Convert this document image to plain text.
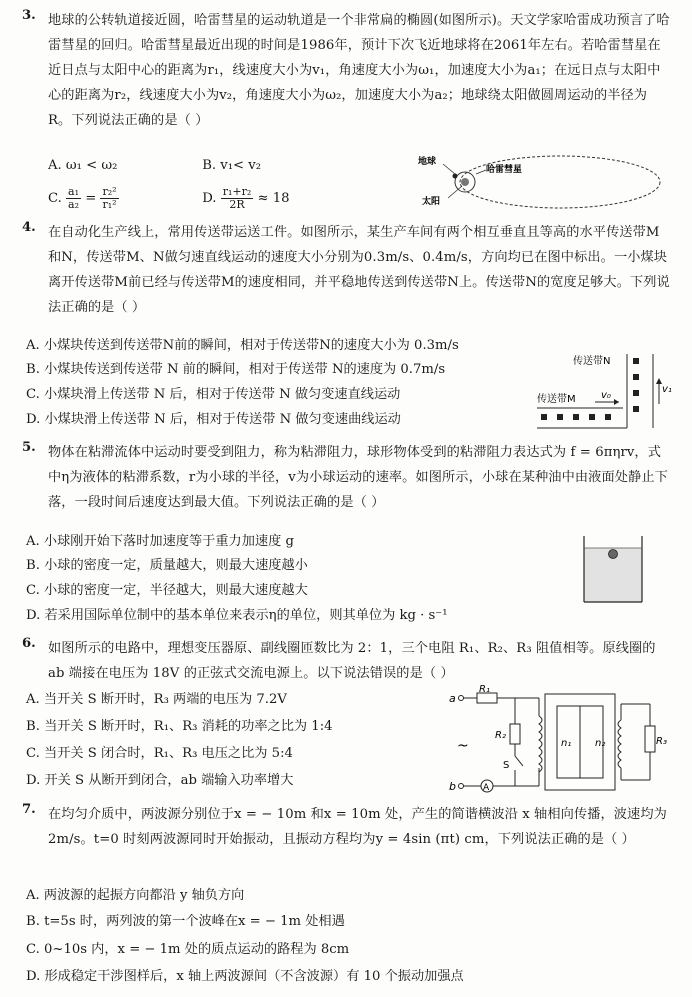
3. 地球的公转轨道接近圆，哈雷彗星的运动轨道是一个非常扁的椭圆(如图所示)。天文学家哈雷成功预言了哈雷彗星的回归。哈雷彗星最近出现的时间是1986年，预计下次飞近地球将在2061年左右。若哈雷彗星在近日点与太阳中心的距离为r₁，线速度大小为v₁，角速度大小为ω₁，加速度大小为a₁；在远日点与太阳中心的距离为r₂，线速度大小为v₂，角速度大小为ω₂，加速度大小为a₂；地球绕太阳做圆周运动的半径为R。下列说法正确的是（ ）
A. ω₁ < ω₂	B. v₁< v₂
C. $\frac{\text{a₁}}{\text{a₂}} = \frac{\text{r₂²}}{\text{r₁²}}$	D. $\frac{\text{r₁+r₂}}{2R} \approx 18$
地球
哈雷彗星
太阳
4. 在自动化生产线上，常用传送带运送工件。如图所示，某生产车间有两个相互垂直且等高的水平传送带M和N，传送带M、N做匀速直线运动的速度大小分别为0.3m/s、0.4m/s，方向均已在图中标出。一小煤块离开传送带M前已经与传送带M的速度相同，并平稳地传送到传送带N上。传送带N的宽度足够大。下列说法正确的是（ ）
A. 小煤块传送到传送带N前的瞬间，相对于传送带N的速度大小为 0.3m/s
B. 小煤块传送到传送带 N 前的瞬间，相对于传送带 N的速度为 0.7m/s
C. 小煤块滑上传送带 N 后，相对于传送带 N 做匀变速直线运动
D. 小煤块滑上传送带 N 后，相对于传送带 N 做匀变速曲线运动
传送带N
传送带M	v₀
v₁
5. 物体在粘滞流体中运动时要受到阻力，称为粘滞阻力，球形物体受到的粘滞阻力表达式为 f = 6πηrv，式中η为液体的粘滞系数，r为小球的半径，v为小球运动的速率。如图所示，小球在某种油中由液面处静止下落，一段时间后速度达到最大值。下列说法正确的是（ ）
A. 小球刚开始下落时加速度等于重力加速度 g
B. 小球的密度一定，质量越大，则最大速度越小
C. 小球的密度一定，半径越大，则最大速度越大
D. 若采用国际单位制中的基本单位来表示η的单位，则其单位为 kg · s⁻¹
6. 如图所示的电路中，理想变压器原、副线圈匝数比为 2：1，三个电阻 R₁、R₂、R₃ 阻值相等。原线圈的 ab 端接在电压为 18V 的正弦式交流电源上。以下说法错误的是（ ）
A. 当开关 S 断开时，R₃ 两端的电压为 7.2V
B. 当开关 S 断开时，R₁、R₃ 消耗的功率之比为 1:4
C. 当开关 S 闭合时，R₁、R₃ 电压之比为 5:4
D. 开关 S 从断开到闭合，ab 端输入功率增大
a
b
R₁
R₂
R₃
S
n₁ n₂
A
~
7. 在均匀介质中，两波源分别位于x = − 10m 和x = 10m 处，产生的简谐横波沿 x 轴相向传播，波速均为 2m/s。t=0 时刻两波源同时开始振动，且振动方程均为y = 4sin (πt) cm，下列说法正确的是（ ）
A. 两波源的起振方向都沿 y 轴负方向
B. t=5s 时，两列波的第一个波峰在x = − 1m 处相遇
C. 0~10s 内，x = − 1m 处的质点运动的路程为 8cm
D. 形成稳定干涉图样后，x 轴上两波源间（不含波源）有 10 个振动加强点
